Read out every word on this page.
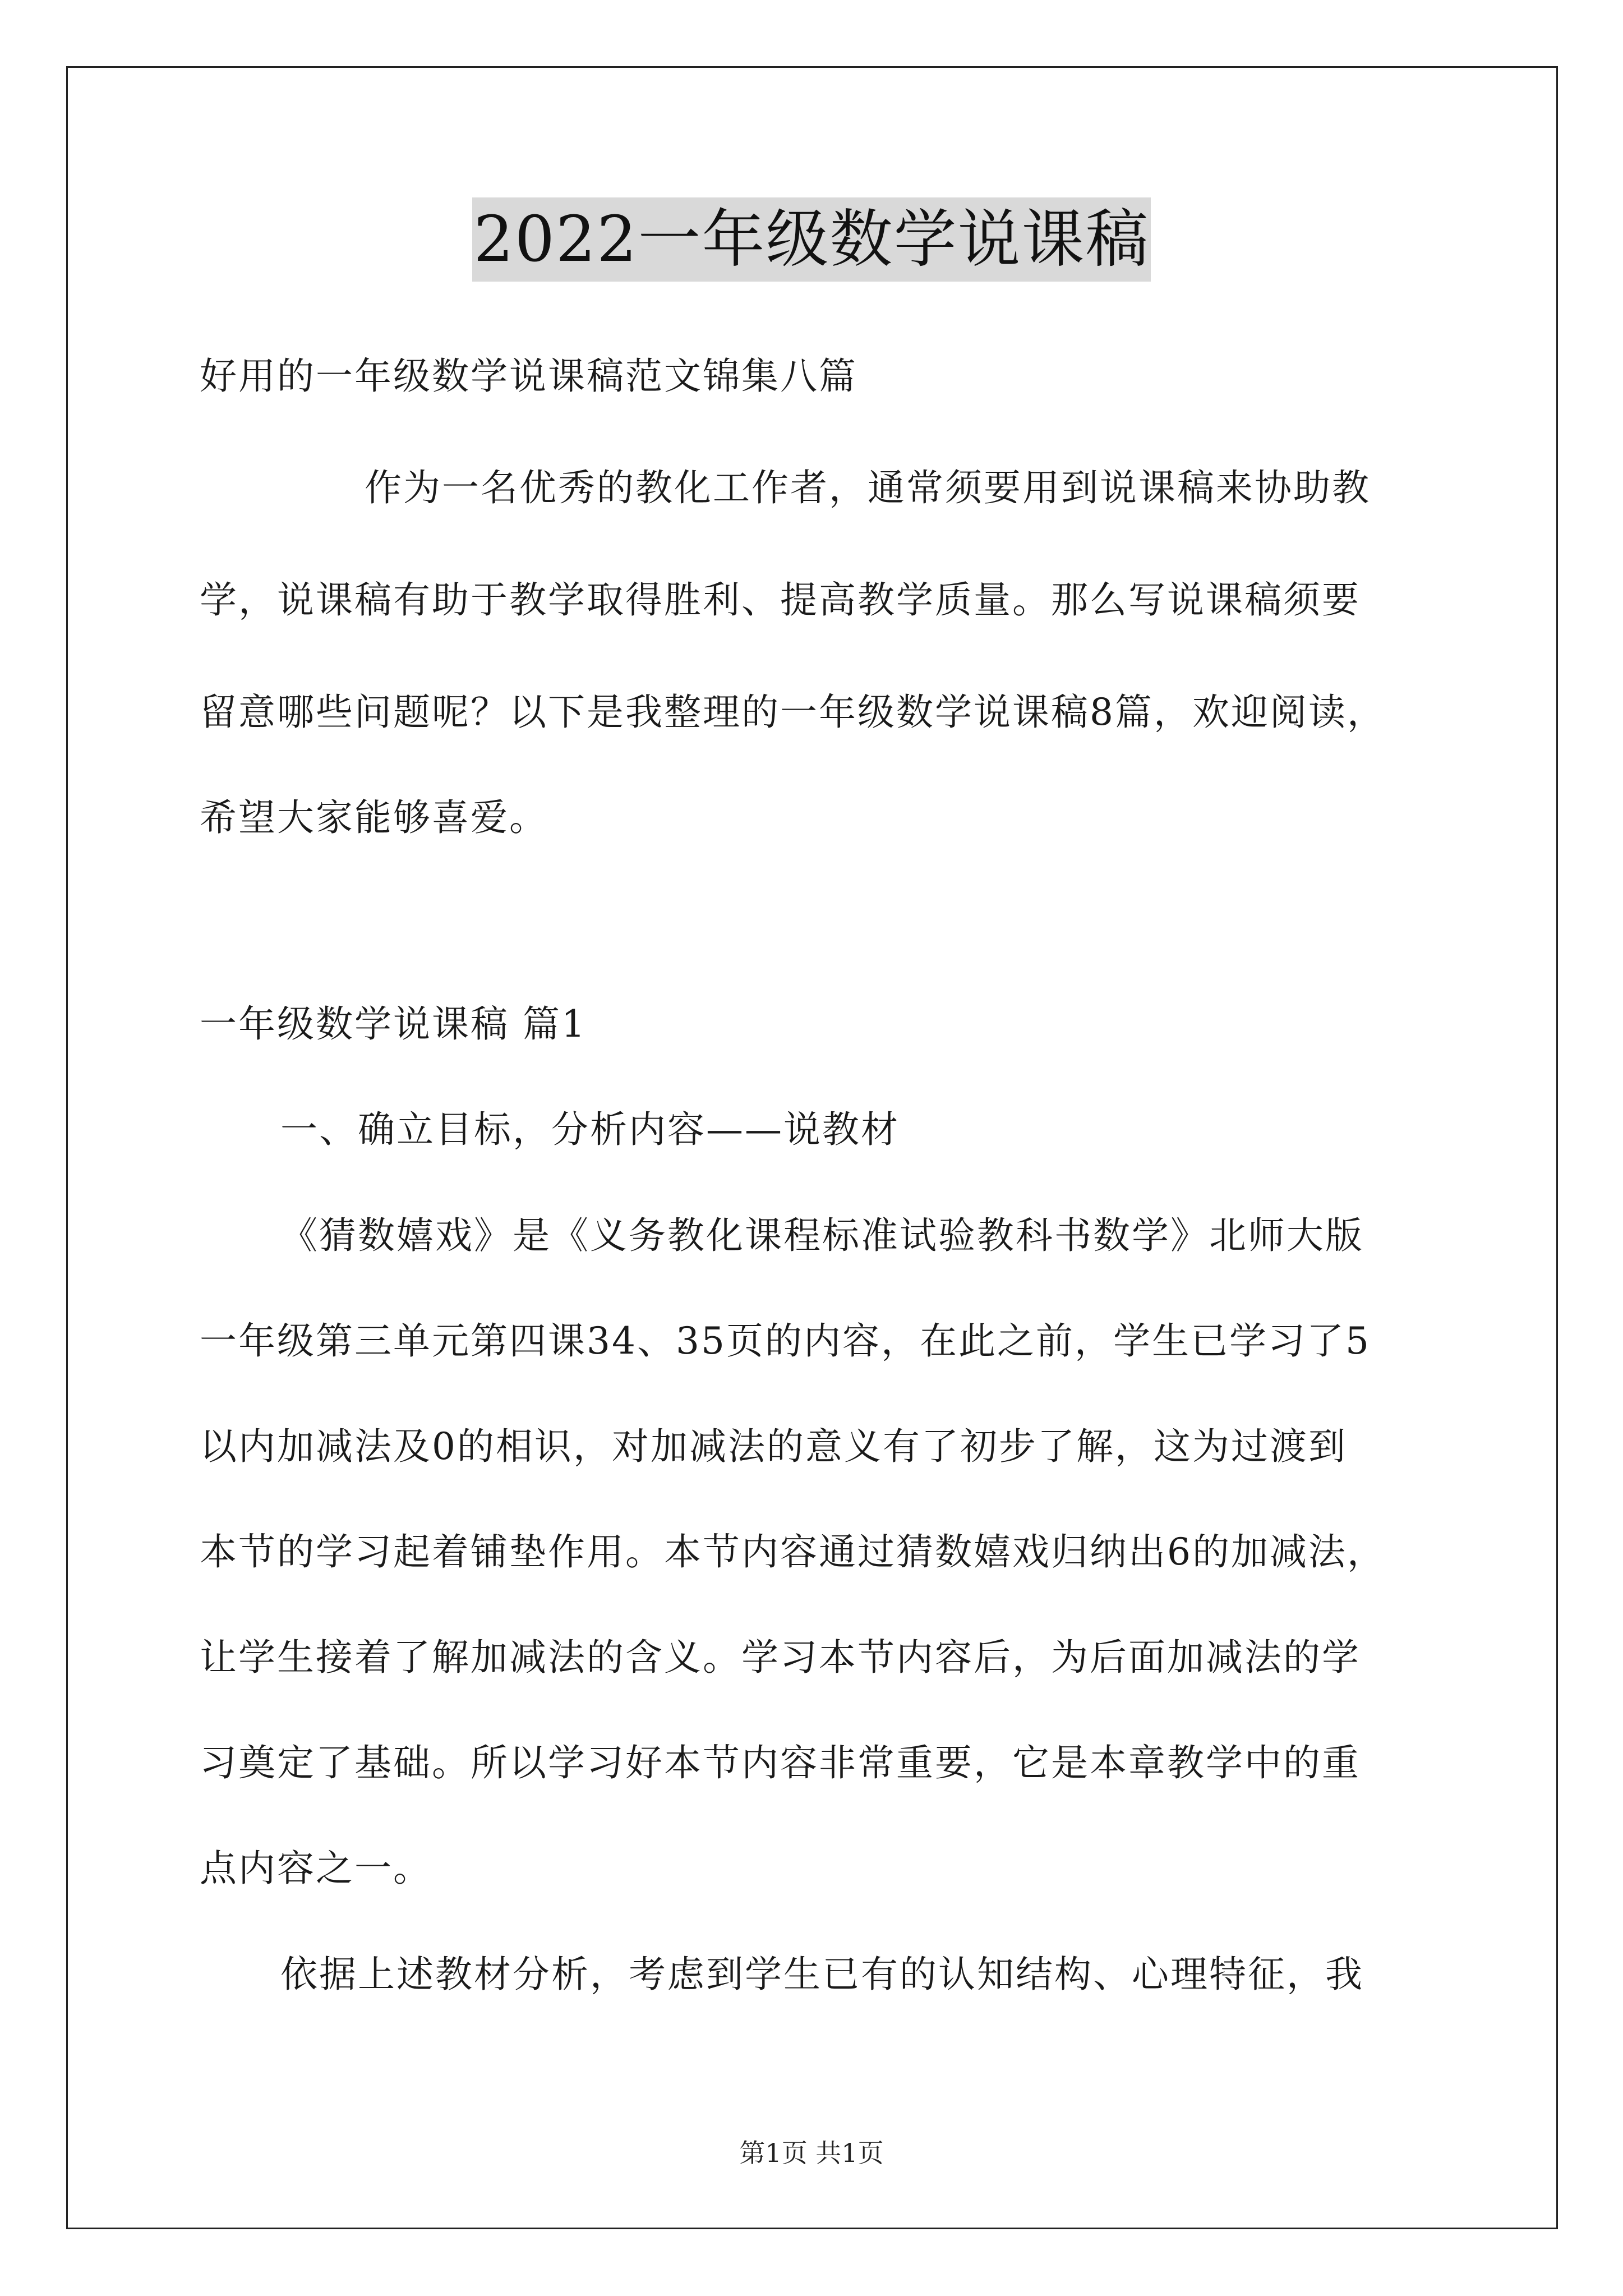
2022一年级数学说课稿
好用的一年级数学说课稿范文锦集八篇
作为一名优秀的教化工作者，通常须要用到说课稿来协助教
学，说课稿有助于教学取得胜利、提高教学质量。那么写说课稿须要
留意哪些问题呢？以下是我整理的一年级数学说课稿8篇，欢迎阅读，
希望大家能够喜爱。
一年级数学说课稿 篇1
一、确立目标，分析内容——说教材
《猜数嬉戏》是《义务教化课程标准试验教科书数学》北师大版
一年级第三单元第四课34、35页的内容，在此之前，学生已学习了5
以内加减法及0的相识，对加减法的意义有了初步了解，这为过渡到
本节的学习起着铺垫作用。本节内容通过猜数嬉戏归纳出6的加减法，
让学生接着了解加减法的含义。学习本节内容后，为后面加减法的学
习奠定了基础。所以学习好本节内容非常重要，它是本章教学中的重
点内容之一。
依据上述教材分析，考虑到学生已有的认知结构、心理特征，我
第1页 共1页
